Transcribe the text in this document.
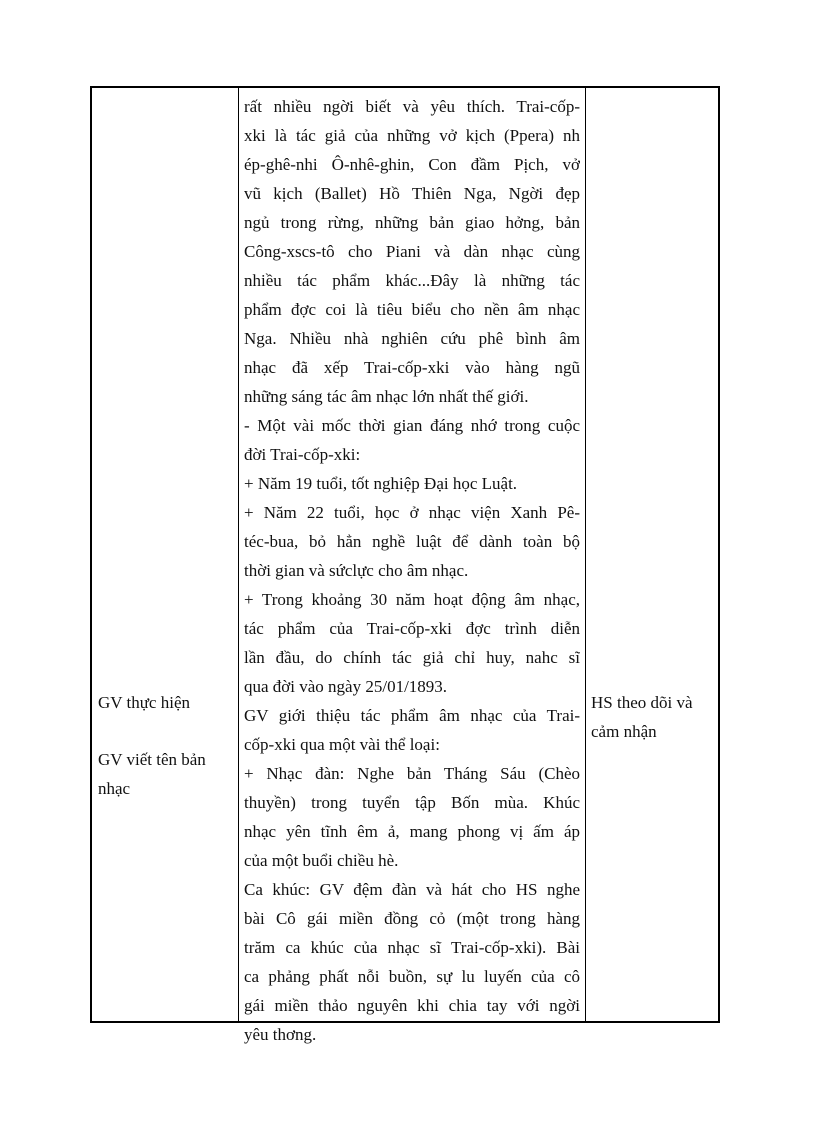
GV thực hiện
GV viết tên bản
nhạc
rất nhiều ngời biết và yêu thích. Trai-cốp-
xki là tác giả của những vở kịch (Ppera) nh
ép-ghê-nhi Ô-nhê-ghin, Con đầm Pịch, vở
vũ kịch (Ballet) Hồ Thiên Nga, Ngời đẹp
ngủ trong rừng, những bản giao hởng, bản
Công-xscs-tô cho Piani và dàn nhạc cùng
nhiều tác phẩm khác...Đây là những tác
phẩm đợc coi là tiêu biểu cho nền âm nhạc
Nga. Nhiều nhà nghiên cứu phê bình âm
nhạc đã xếp Trai-cốp-xki vào hàng ngũ
những sáng tác âm nhạc lớn nhất thế giới.
- Một vài mốc thời gian đáng nhớ trong cuộc
đời Trai-cốp-xki:
+ Năm 19 tuổi, tốt nghiệp Đại học Luật.
+ Năm 22 tuổi, học ở nhạc viện Xanh Pê-
téc-bua, bỏ hẳn nghề luật để dành toàn bộ
thời gian và sứclực cho âm nhạc.
+ Trong khoảng 30 năm hoạt động âm nhạc,
tác phẩm của Trai-cốp-xki đợc trình diễn
lần đầu, do chính tác giả chỉ huy, nahc sĩ
qua đời vào ngày 25/01/1893.
GV giới thiệu tác phẩm âm nhạc của Trai-
cốp-xki qua một vài thể loại:
+ Nhạc đàn: Nghe bản Tháng Sáu (Chèo
thuyền) trong tuyển tập Bốn mùa. Khúc
nhạc yên tĩnh êm ả, mang phong vị ấm áp
của một buổi chiều hè.
Ca khúc: GV đệm đàn và hát cho HS nghe
bài Cô gái miền đồng cỏ (một trong hàng
trăm ca khúc của nhạc sĩ Trai-cốp-xki). Bài
ca phảng phất nỗi buồn, sự lu luyến của cô
gái miền thảo nguyên khi chia tay với ngời
yêu thơng.
HS theo dõi và
cảm nhận
